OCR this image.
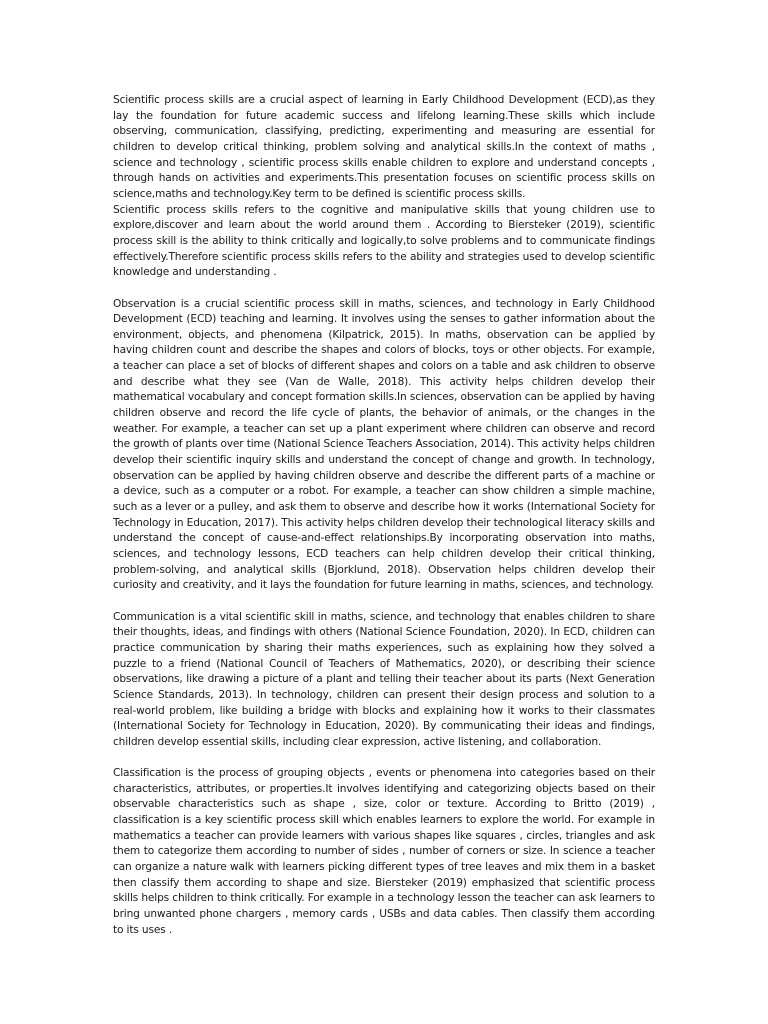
Scientific process skills are a crucial aspect of learning in Early Childhood Development (ECD),as they lay the foundation for future academic success and lifelong learning.These skills which include observing, communication, classifying, predicting, experimenting and measuring are essential for children to develop critical thinking, problem solving and analytical skills.In the context of maths , science and technology , scientific process skills enable children to explore and understand concepts , through hands on activities and experiments.This presentation focuses on scientific process skills on science,maths and technology.Key term to be defined is scientific process skills.

Scientific process skills refers to the cognitive and manipulative skills that young children use to explore,discover and learn about the world around them . According to Biersteker (2019), scientific process skill is the ability to think critically and logically,to solve problems and to communicate findings effectively.Therefore scientific process skills refers to the ability and strategies used to develop scientific knowledge and understanding .

Observation is a crucial scientific process skill in maths, sciences, and technology in Early Childhood Development (ECD) teaching and learning. It involves using the senses to gather information about the environment, objects, and phenomena (Kilpatrick, 2015). In maths, observation can be applied by having children count and describe the shapes and colors of blocks, toys or other objects. For example, a teacher can place a set of blocks of different shapes and colors on a table and ask children to observe and describe what they see (Van de Walle, 2018). This activity helps children develop their mathematical vocabulary and concept formation skills.In sciences, observation can be applied by having children observe and record the life cycle of plants, the behavior of animals, or the changes in the weather. For example, a teacher can set up a plant experiment where children can observe and record the growth of plants over time (National Science Teachers Association, 2014). This activity helps children develop their scientific inquiry skills and understand the concept of change and growth. In technology, observation can be applied by having children observe and describe the different parts of a machine or a device, such as a computer or a robot. For example, a teacher can show children a simple machine, such as a lever or a pulley, and ask them to observe and describe how it works (International Society for Technology in Education, 2017). This activity helps children develop their technological literacy skills and understand the concept of cause-and-effect relationships.By incorporating observation into maths, sciences, and technology lessons, ECD teachers can help children develop their critical thinking, problem-solving, and analytical skills (Bjorklund, 2018). Observation helps children develop their curiosity and creativity, and it lays the foundation for future learning in maths, sciences, and technology.

Communication is a vital scientific skill in maths, science, and technology that enables children to share their thoughts, ideas, and findings with others (National Science Foundation, 2020). In ECD, children can practice communication by sharing their maths experiences, such as explaining how they solved a puzzle to a friend (National Council of Teachers of Mathematics, 2020), or describing their science observations, like drawing a picture of a plant and telling their teacher about its parts (Next Generation Science Standards, 2013). In technology, children can present their design process and solution to a real-world problem, like building a bridge with blocks and explaining how it works to their classmates (International Society for Technology in Education, 2020). By communicating their ideas and findings, children develop essential skills, including clear expression, active listening, and collaboration.

Classification is the process of grouping objects , events or phenomena into categories based on their characteristics, attributes, or properties.It involves identifying and categorizing objects based on their observable characteristics such as shape , size, color or texture. According to Britto (2019) , classification is a key scientific process skill which enables learners to explore the world. For example in mathematics a teacher can provide learners with various shapes like squares , circles, triangles and ask them to categorize them according to number of sides , number of corners or size. In science a teacher can organize a nature walk with learners picking different types of tree leaves and mix them in a basket then classify them according to shape and size. Biersteker (2019) emphasized that scientific process skills helps children to think critically. For example in a technology lesson the teacher can ask learners to bring unwanted phone chargers , memory cards , USBs and data cables. Then classify them according to its uses .
